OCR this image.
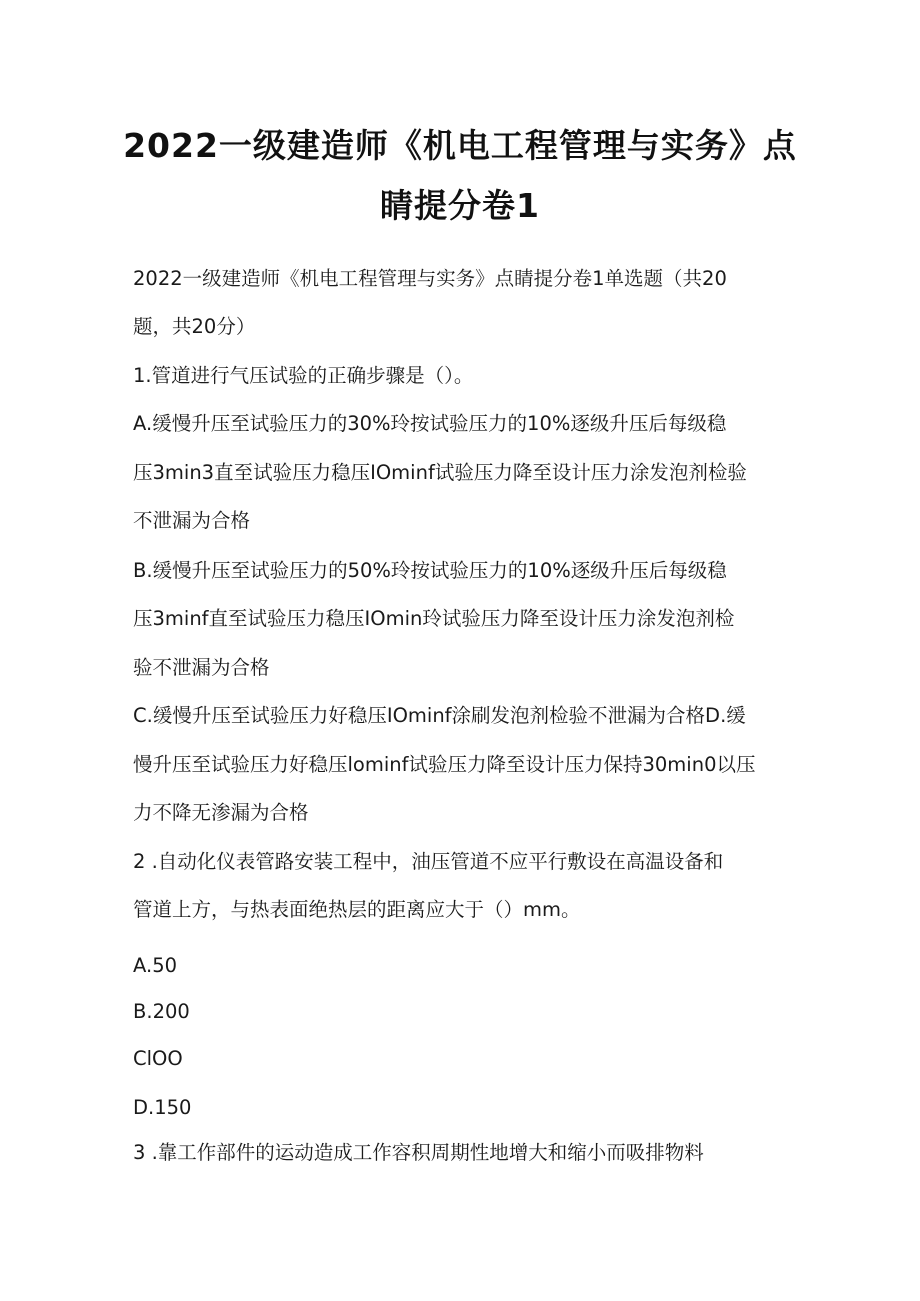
2022一级建造师《机电工程管理与实务》点
睛提分卷1
2022一级建造师《机电工程管理与实务》点睛提分卷1单选题（共20
题，共20分）
1.管道进行气压试验的正确步骤是（）。
A.缓慢升压至试验压力的30%玲按试验压力的10%逐级升压后每级稳
压3min3直至试验压力稳压IOminf试验压力降至设计压力涂发泡剂检验
不泄漏为合格
B.缓慢升压至试验压力的50%玲按试验压力的10%逐级升压后每级稳
压3minf直至试验压力稳压IOmin玲试验压力降至设计压力涂发泡剂检
验不泄漏为合格
C.缓慢升压至试验压力好稳压IOminf涂刷发泡剂检验不泄漏为合格D.缓
慢升压至试验压力好稳压lominf试验压力降至设计压力保持30min0以压
力不降无渗漏为合格
2 .自动化仪表管路安装工程中，油压管道不应平行敷设在高温设备和
管道上方，与热表面绝热层的距离应大于（）mm。
A.50
B.200
ClOO
D.150
3 .靠工作部件的运动造成工作容积周期性地增大和缩小而吸排物料
